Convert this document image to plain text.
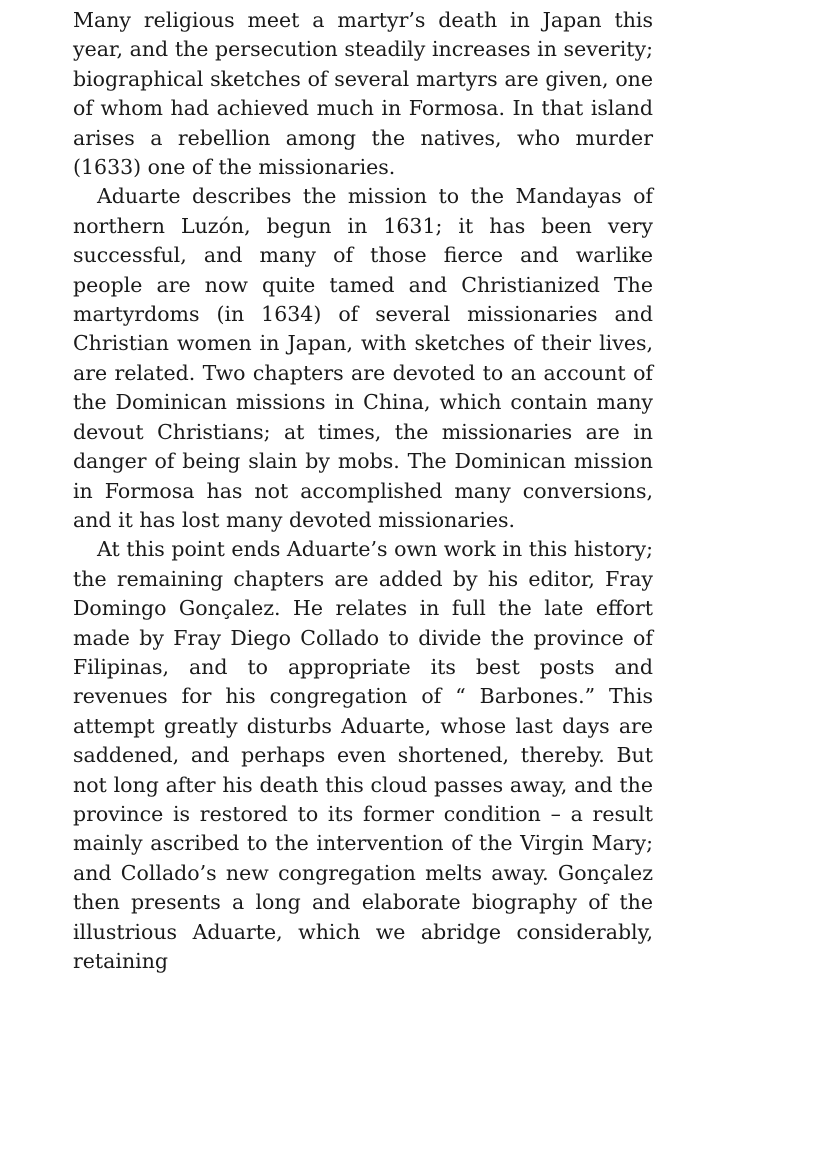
Many religious meet a martyr’s death in Japan this year, and the persecution steadily increases in severity; biographical sketches of several martyrs are given, one of whom had achieved much in Formosa. In that island arises a rebellion among the natives, who murder (1633) one of the missionaries.

Aduarte describes the mission to the Mandayas of northern Luzón, begun in 1631; it has been very successful, and many of those fierce and warlike people are now quite tamed and Christianized The martyrdoms (in 1634) of several missionaries and Christian women in Japan, with sketches of their lives, are related. Two chapters are devoted to an account of the Dominican missions in China, which contain many devout Christians; at times, the missionaries are in danger of being slain by mobs. The Dominican mission in Formosa has not accomplished many conversions, and it has lost many devoted missionaries.

At this point ends Aduarte’s own work in this history; the remaining chapters are added by his editor, Fray Domingo Gonçalez. He relates in full the late effort made by Fray Diego Collado to divide the province of Filipinas, and to appropriate its best posts and revenues for his congregation of “ Barbones.” This attempt greatly disturbs Aduarte, whose last days are saddened, and perhaps even shortened, thereby. But not long after his death this cloud passes away, and the province is restored to its former condition – a result mainly ascribed to the intervention of the Virgin Mary; and Collado’s new congregation melts away. Gonçalez then presents a long and elaborate biography of the illustrious Aduarte, which we abridge considerably, retaining
